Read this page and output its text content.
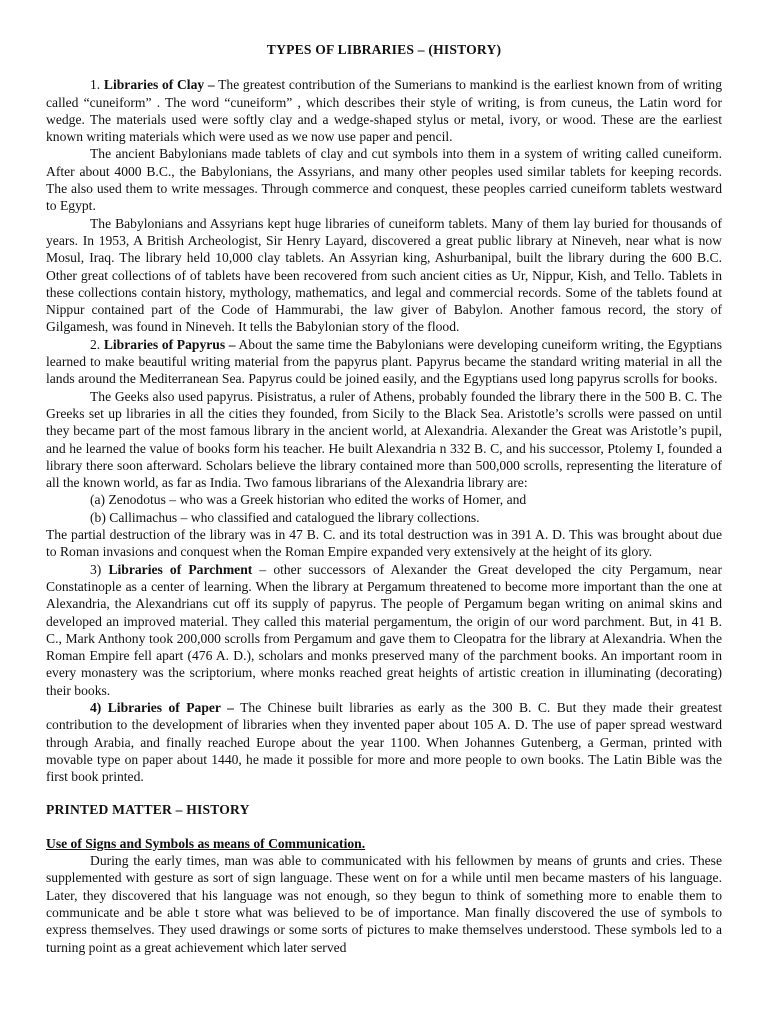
TYPES OF LIBRARIES – (HISTORY)

1. Libraries of Clay – The greatest contribution of the Sumerians to mankind is the earliest known from of writing called “cuneiform” . The word “cuneiform” , which describes their style of writing, is from cuneus, the Latin word for wedge. The materials used were softly clay and a wedge-shaped stylus or metal, ivory, or wood. These are the earliest known writing materials which were used as we now use paper and pencil.

The ancient Babylonians made tablets of clay and cut symbols into them in a system of writing called cuneiform. After about 4000 B.C., the Babylonians, the Assyrians, and many other peoples used similar tablets for keeping records. The also used them to write messages. Through commerce and conquest, these peoples carried cuneiform tablets westward to Egypt.

The Babylonians and Assyrians kept huge libraries of cuneiform tablets. Many of them lay buried for thousands of years. In 1953, A British Archeologist, Sir Henry Layard, discovered a great public library at Nineveh, near what is now Mosul, Iraq. The library held 10,000 clay tablets. An Assyrian king, Ashurbanipal, built the library during the 600 B.C. Other great collections of of tablets have been recovered from such ancient cities as Ur, Nippur, Kish, and Tello. Tablets in these collections contain history, mythology, mathematics, and legal and commercial records. Some of the tablets found at Nippur contained part of the Code of Hammurabi, the law giver of Babylon. Another famous record, the story of Gilgamesh, was found in Nineveh. It tells the Babylonian story of the flood.

2. Libraries of Papyrus – About the same time the Babylonians were developing cuneiform writing, the Egyptians learned to make beautiful writing material from the papyrus plant. Papyrus became the standard writing material in all the lands around the Mediterranean Sea. Papyrus could be joined easily, and the Egyptians used long papyrus scrolls for books.

The Geeks also used papyrus. Pisistratus, a ruler of Athens, probably founded the library there in the 500 B. C. The Greeks set up libraries in all the cities they founded, from Sicily to the Black Sea. Aristotle’s scrolls were passed on until they became part of the most famous library in the ancient world, at Alexandria. Alexander the Great was Aristotle’s pupil, and he learned the value of books form his teacher. He built Alexandria n 332 B. C, and his successor, Ptolemy I, founded a library there soon afterward. Scholars believe the library contained more than 500,000 scrolls, representing the literature of all the known world, as far as India. Two famous librarians of the Alexandria library are:

(a) Zenodotus – who was a Greek historian who edited the works of Homer, and
(b) Callimachus – who classified and catalogued the library collections.

The partial destruction of the library was in 47 B. C. and its total destruction was in 391 A. D. This was brought about due to Roman invasions and conquest when the Roman Empire expanded very extensively at the height of its glory.

3) Libraries of Parchment – other successors of Alexander the Great developed the city Pergamum, near Constatinople as a center of learning. When the library at Pergamum threatened to become more important than the one at Alexandria, the Alexandrians cut off its supply of papyrus. The people of Pergamum began writing on animal skins and developed an improved material. They called this material pergamentum, the origin of our word parchment. But, in 41 B. C., Mark Anthony took 200,000 scrolls from Pergamum and gave them to Cleopatra for the library at Alexandria. When the Roman Empire fell apart (476 A. D.), scholars and monks preserved many of the parchment books. An important room in every monastery was the scriptorium, where monks reached great heights of artistic creation in illuminating (decorating) their books.

4) Libraries of Paper – The Chinese built libraries as early as the 300 B. C. But they made their greatest contribution to the development of libraries when they invented paper about 105 A. D. The use of paper spread westward through Arabia, and finally reached Europe about the year 1100. When Johannes Gutenberg, a German, printed with movable type on paper about 1440, he made it possible for more and more people to own books. The Latin Bible was the first book printed.

PRINTED MATTER – HISTORY
Use of Signs and Symbols as means of Communication.

During the early times, man was able to communicated with his fellowmen by means of grunts and cries. These supplemented with gesture as sort of sign language. These went on for a while until men became masters of his language. Later, they discovered that his language was not enough, so they begun to think of something more to enable them to communicate and be able t store what was believed to be of importance. Man finally discovered the use of symbols to express themselves. They used drawings or some sorts of pictures to make themselves understood. These symbols led to a turning point as a great achievement which later served
